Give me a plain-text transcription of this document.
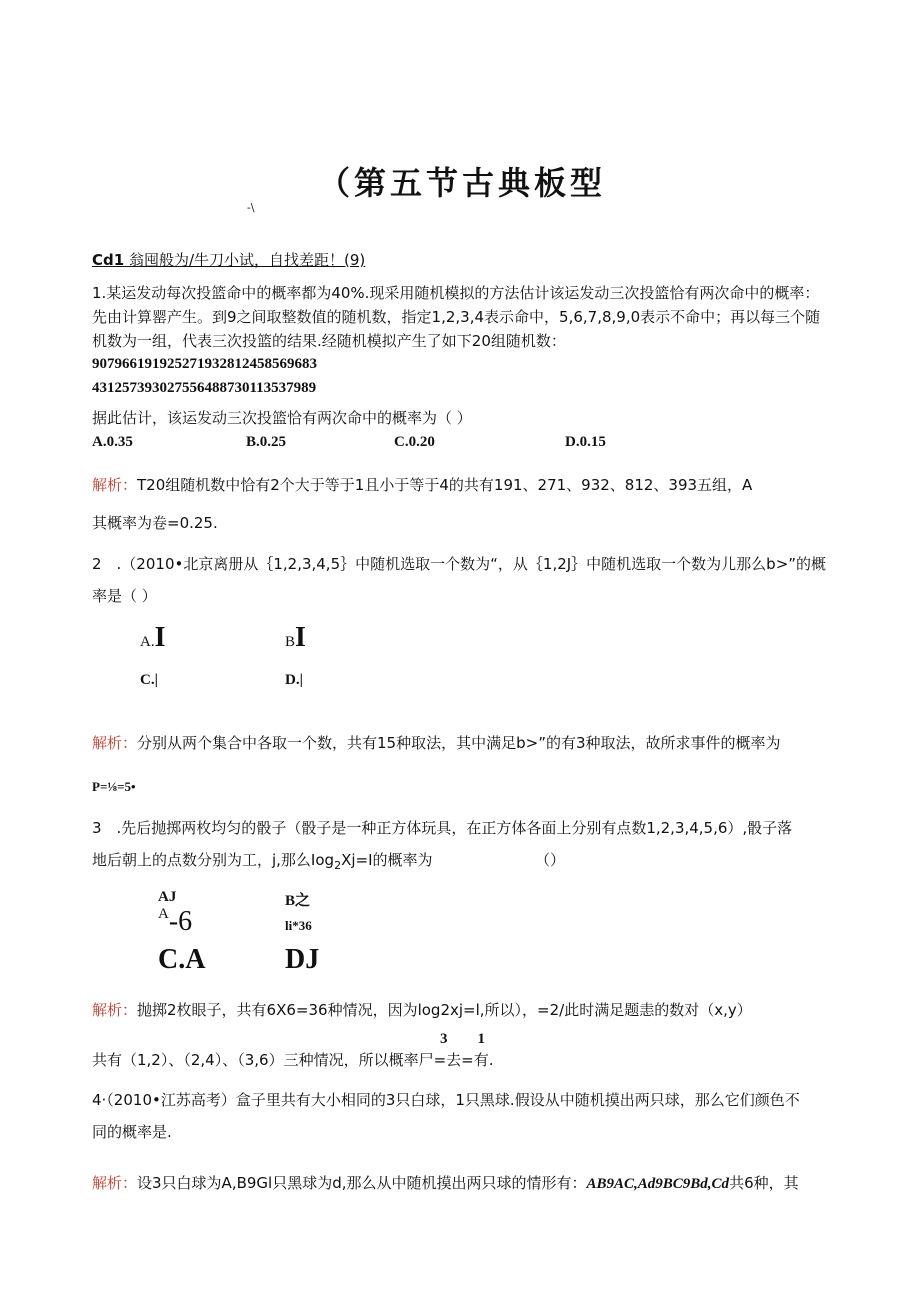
（第五节古典板型
-\
Cd1 翁囤般为/牛刀小试，自找差距！(9)
1.某运发动每次投篮命中的概率都为40%.现采用随机模拟的方法估计该运发动三次投篮恰有两次命中的概率：
先由计算罂产生。到9之间取整数值的随机数，指定1,2,3,4表示命中，5,6,7,8,9,0表示不命中；再以每三个随
机数为一组，代表三次投篮的结果.经随机模拟产生了如下20组随机数：
907966191925271932812458569683
431257393027556488730113537989
据此估计，该运发动三次投篮恰有两次命中的概率为（ ）
A.0.35	B.0.25	C.0.20	D.0.15
解析：T20组随机数中恰有2个大于等于1且小于等于4的共有191、271、932、812、393五组，A
其概率为卷=0.25.
2　.（2010•北京离册从｛1,2,3,4,5｝中随机选取一个数为“，从｛1,2J｝中随机选取一个数为儿那么b>”的概
率是（ ）
A.I	BI
C.|	D.|
解析：分别从两个集合中各取一个数，共有15种取法，其中满足b>”的有3种取法，故所求事件的概率为
P=⅛=5•
3　.先后抛掷两枚均匀的骰子（骰子是一种正方体玩具，在正方体各面上分别有点数1,2,3,4,5,6）,骰子落
地后朝上的点数分别为工，j,那么Iog$_2$Xj=I的概率为	（）
AJ	B之
A-6	li*36
C.A	DJ
解析：抛掷2枚眼子，共有6X6=36种情况，因为log2xj=l,所以），=2/此时满足题恚的数对（x,y）
3　　1
共有（1,2）、（2,4）、（3,6）三种情况，所以概率尸=去=有.
4·（2010•江苏高考）盒子里共有大小相同的3只白球，1只黑球.假设从中随机摸出两只球，那么它们颜色不
同的概率是.
解析：设3只白球为A,B9Gl只黑球为d,那么从中随机摸出两只球的情形有：AB9AC,Ad9BC9Bd,Cd共6种，其
